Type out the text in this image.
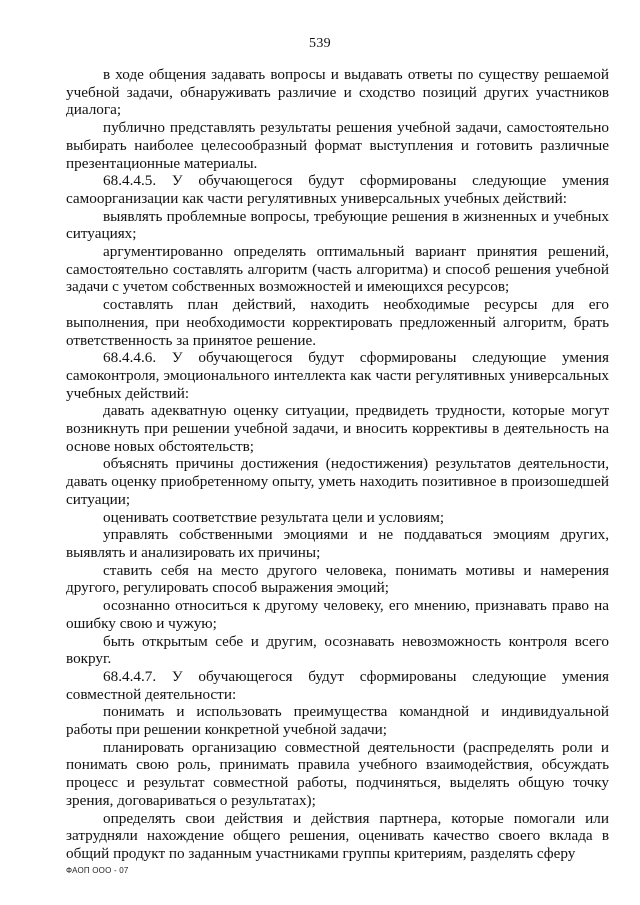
539

в ходе общения задавать вопросы и выдавать ответы по существу решаемой учебной задачи, обнаруживать различие и сходство позиций других участников диалога;

публично представлять результаты решения учебной задачи, самостоятельно выбирать наиболее целесообразный формат выступления и готовить различные презентационные материалы.

68.4.4.5. У обучающегося будут сформированы следующие умения самоорганизации как части регулятивных универсальных учебных действий:

выявлять проблемные вопросы, требующие решения в жизненных и учебных ситуациях;

аргументированно определять оптимальный вариант принятия решений, самостоятельно составлять алгоритм (часть алгоритма) и способ решения учебной задачи с учетом собственных возможностей и имеющихся ресурсов;

составлять план действий, находить необходимые ресурсы для его выполнения, при необходимости корректировать предложенный алгоритм, брать ответственность за принятое решение.

68.4.4.6. У обучающегося будут сформированы следующие умения самоконтроля, эмоционального интеллекта как части регулятивных универсальных учебных действий:

давать адекватную оценку ситуации, предвидеть трудности, которые могут возникнуть при решении учебной задачи, и вносить коррективы в деятельность на основе новых обстоятельств;

объяснять причины достижения (недостижения) результатов деятельности, давать оценку приобретенному опыту, уметь находить позитивное в произошедшей ситуации;

оценивать соответствие результата цели и условиям;

управлять собственными эмоциями и не поддаваться эмоциям других, выявлять и анализировать их причины;

ставить себя на место другого человека, понимать мотивы и намерения другого, регулировать способ выражения эмоций;

осознанно относиться к другому человеку, его мнению, признавать право на ошибку свою и чужую;

быть открытым себе и другим, осознавать невозможность контроля всего вокруг.

68.4.4.7. У обучающегося будут сформированы следующие умения совместной деятельности:

понимать и использовать преимущества командной и индивидуальной работы при решении конкретной учебной задачи;

планировать организацию совместной деятельности (распределять роли и понимать свою роль, принимать правила учебного взаимодействия, обсуждать процесс и результат совместной работы, подчиняться, выделять общую точку зрения, договариваться о результатах);

определять свои действия и действия партнера, которые помогали или затрудняли нахождение общего решения, оценивать качество своего вклада в общий продукт по заданным участниками группы критериям, разделять сферу

ФАОП ООО - 07
